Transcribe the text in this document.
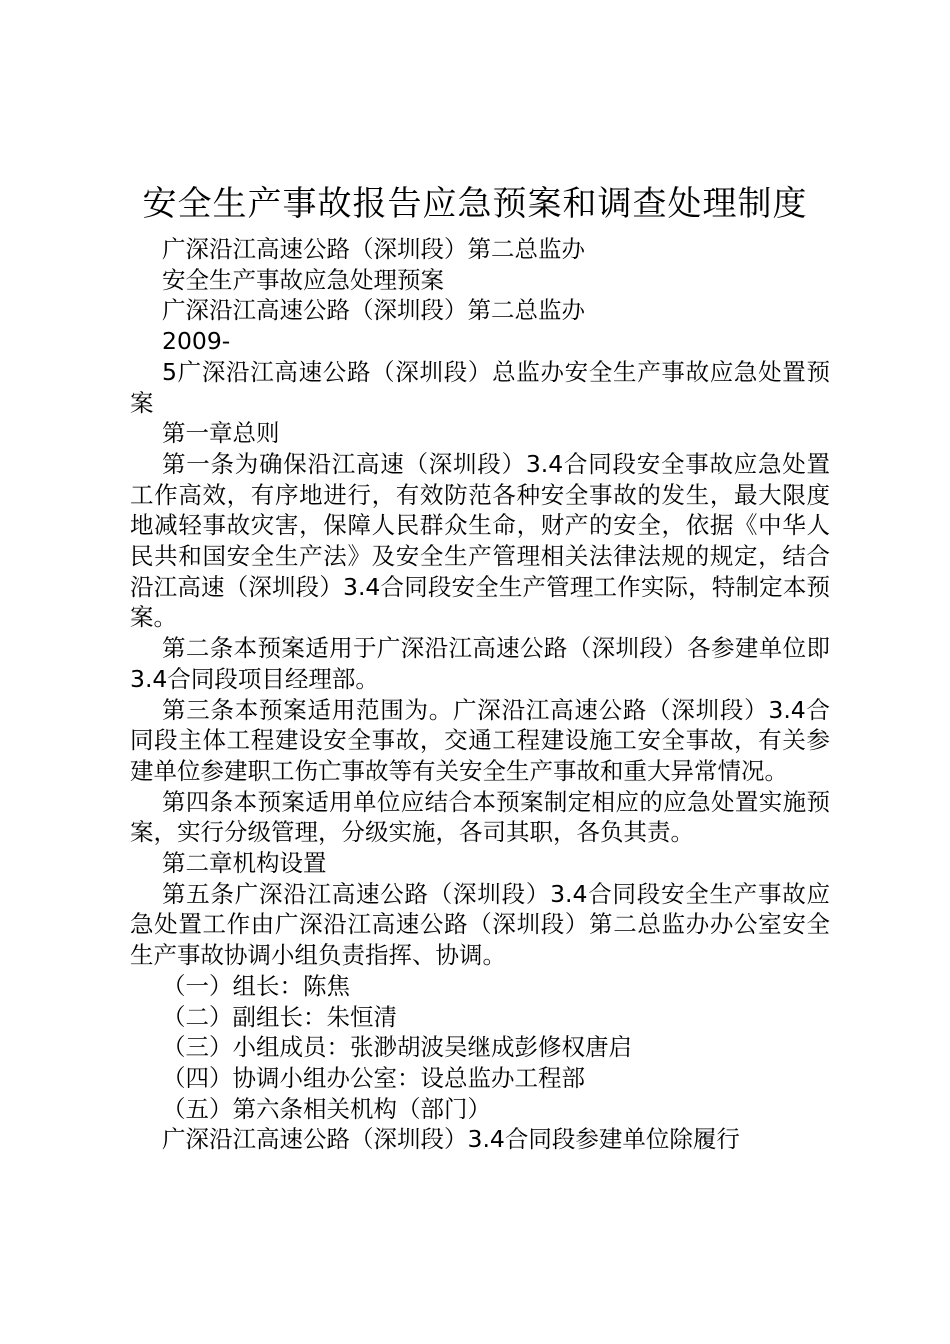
安全生产事故报告应急预案和调查处理制度

广深沿江高速公路（深圳段）第二总监办

安全生产事故应急处理预案

广深沿江高速公路（深圳段）第二总监办

2009-

5广深沿江高速公路（深圳段）总监办安全生产事故应急处置预案

第一章总则

第一条为确保沿江高速（深圳段）3.4合同段安全事故应急处置工作高效，有序地进行，有效防范各种安全事故的发生，最大限度地减轻事故灾害，保障人民群众生命，财产的安全，依据《中华人民共和国安全生产法》及安全生产管理相关法律法规的规定，结合沿江高速（深圳段）3.4合同段安全生产管理工作实际，特制定本预案。

第二条本预案适用于广深沿江高速公路（深圳段）各参建单位即3.4合同段项目经理部。

第三条本预案适用范围为。广深沿江高速公路（深圳段）3.4合同段主体工程建设安全事故，交通工程建设施工安全事故，有关参建单位参建职工伤亡事故等有关安全生产事故和重大异常情况。

第四条本预案适用单位应结合本预案制定相应的应急处置实施预案，实行分级管理，分级实施，各司其职，各负其责。

第二章机构设置

第五条广深沿江高速公路（深圳段）3.4合同段安全生产事故应急处置工作由广深沿江高速公路（深圳段）第二总监办办公室安全生产事故协调小组负责指挥、协调。

（一）组长：陈焦

（二）副组长：朱恒清

（三）小组成员：张渺胡波吴继成彭修权唐启

（四）协调小组办公室：设总监办工程部

（五）第六条相关机构（部门）

广深沿江高速公路（深圳段）3.4合同段参建单位除履行
